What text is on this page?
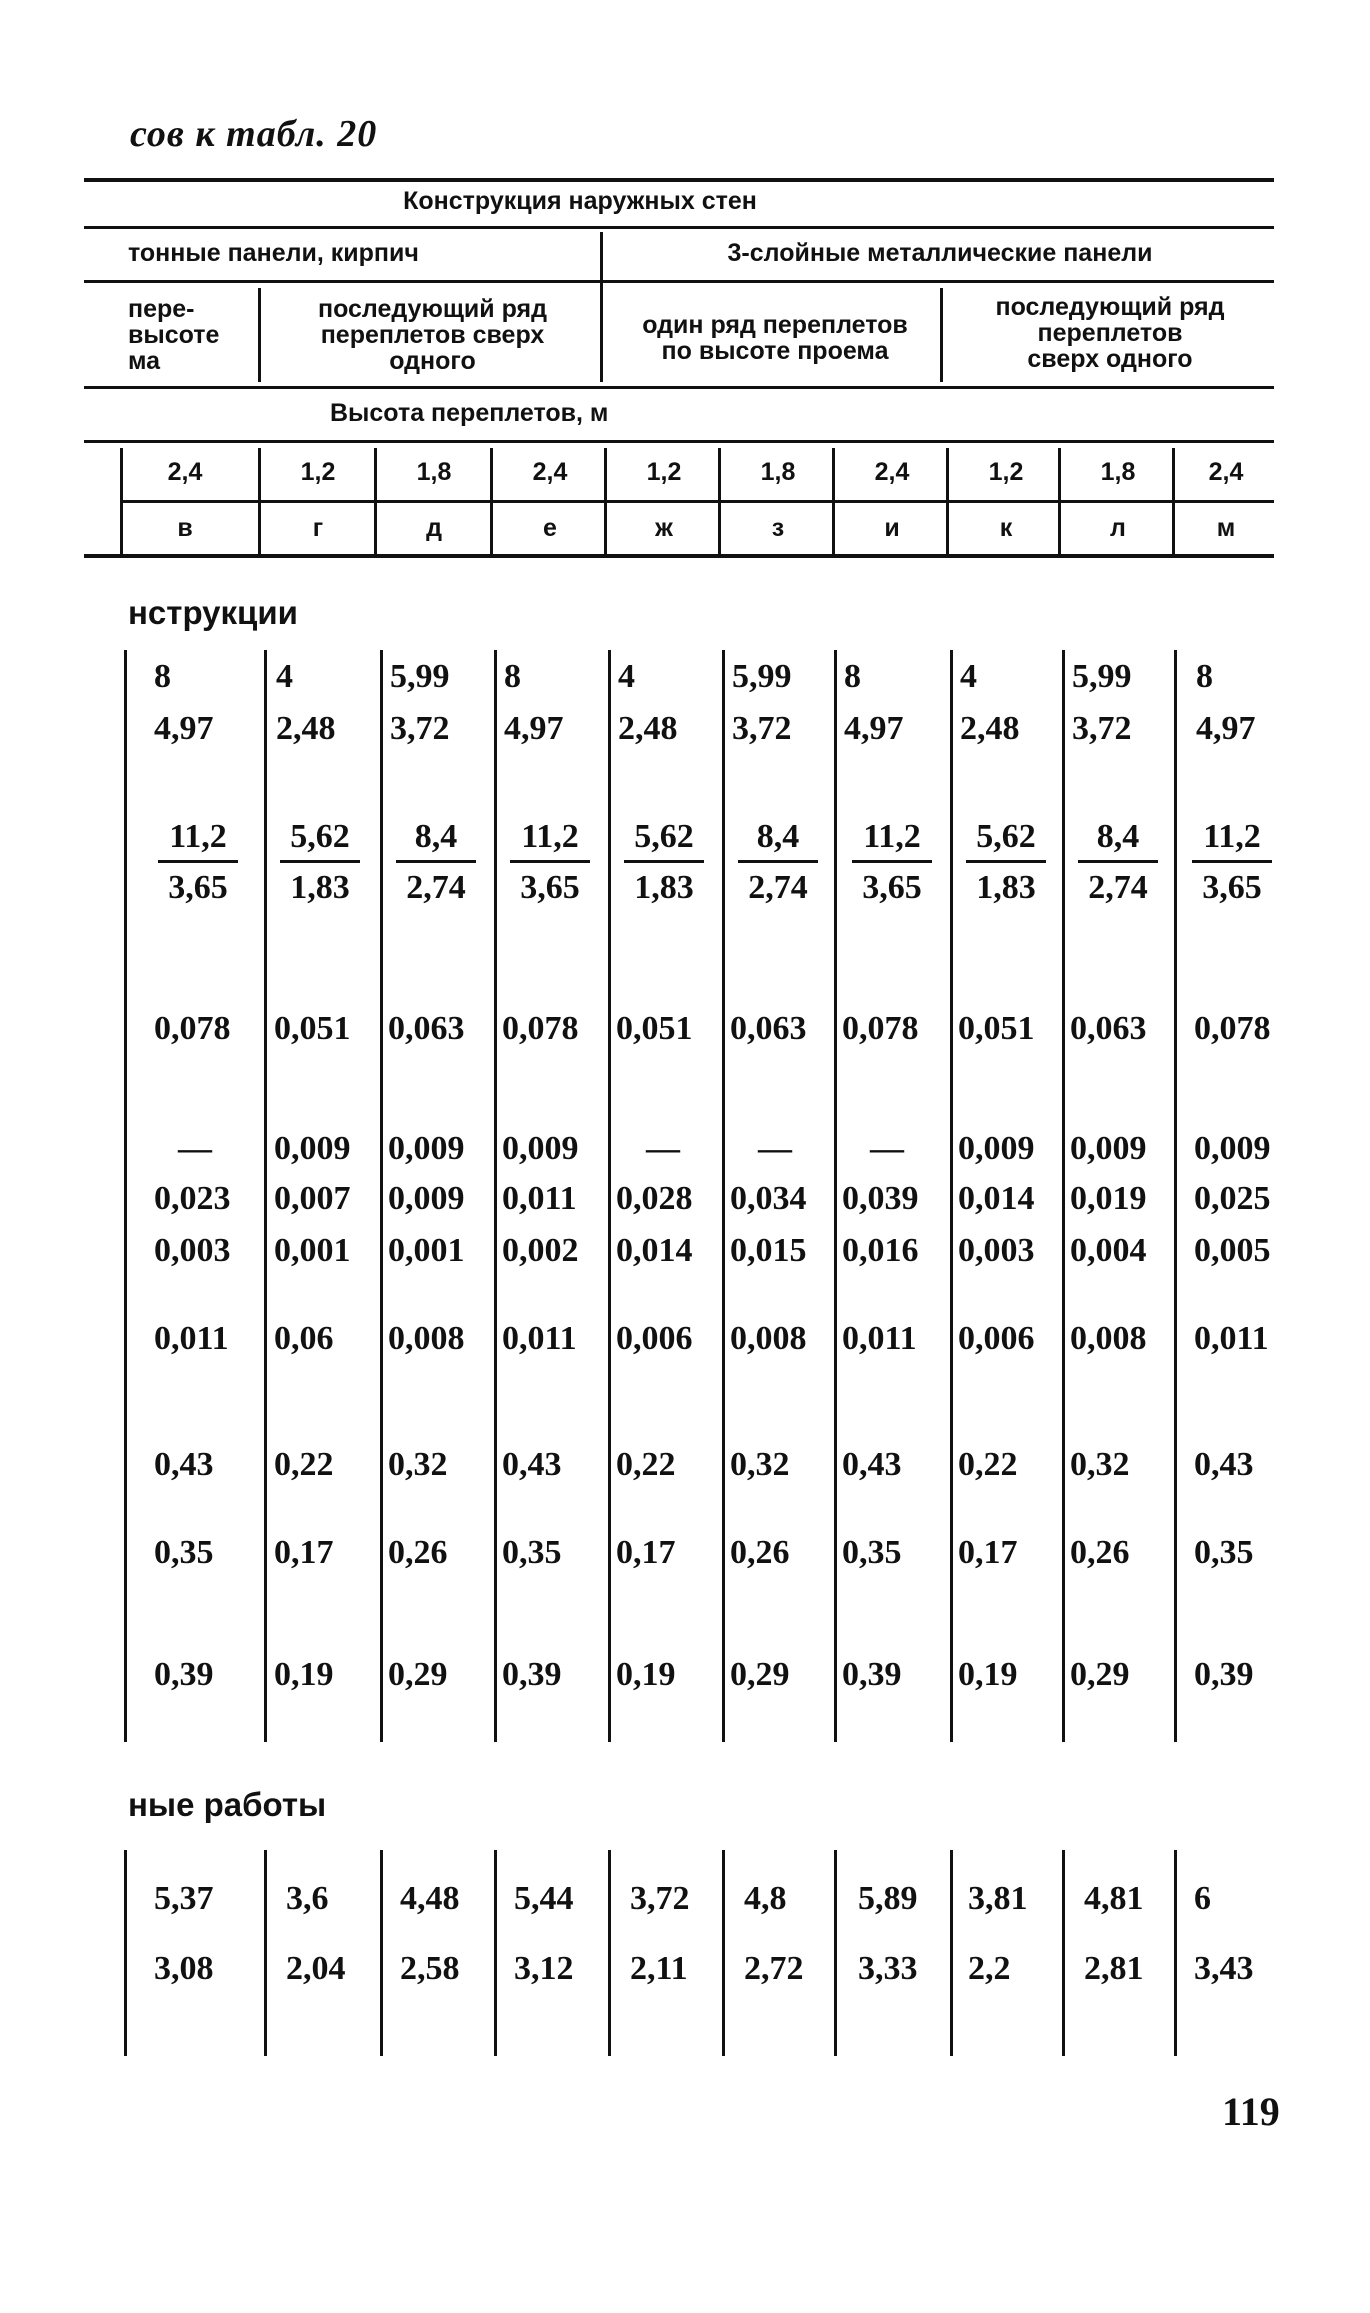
сов к табл. 20
Конструкция наружных стен
тонные панели, кирпич	3-слойные металлические панели
пере-
высоте
ма
последующий ряд
переплетов сверх
одного
один ряд переплетов
по высоте проема
последующий ряд
переплетов
сверх одного
Высота переплетов, м
2,4	1,2	1,8	2,4	1,2	1,8	2,4	1,2	1,8	2,4
в	г	д	е	ж	з	и	к	л	м
нструкции
8	4	5,99 8	4	5,99 8	4	5,99 8
4,97 2,48 3,72 4,97 2,48 3,72 4,97 2,48 3,72 4,97
$\frac{11,2}{3,65} \frac{5,62}{1,83} \frac{8,4}{2,74} \frac{11,2}{3,65} \frac{5,62}{1,83} \frac{8,4}{2,74} \frac{11,2}{3,65} \frac{5,62}{1,83} \frac{8,4}{2,74} \frac{11,2}{3,65}$
0,078 0,051 0,063 0,078 0,051 0,063 0,078 0,051 0,063 0,078
— 0,009 0,009 0,009 — — — 0,009 0,009 0,009
0,023 0,007 0,009 0,011 0,028 0,034 0,039 0,014 0,019 0,025
0,003 0,001 0,001 0,002 0,014 0,015 0,016 0,003 0,004 0,005
0,011 0,06 0,008 0,011 0,006 0,008 0,011 0,006 0,008 0,011
0,43 0,22 0,32 0,43 0,22 0,32 0,43 0,22 0,32 0,43
0,35 0,17 0,26 0,35 0,17 0,26 0,35 0,17 0,26 0,35
0,39 0,19 0,29 0,39 0,19 0,29 0,39 0,19 0,29 0,39
ные работы
5,37 3,6 4,48 5,44 3,72 4,8 5,89 3,81 4,81 6
3,08 2,04 2,58 3,12 2,11 2,72 3,33 2,2 2,81 3,43
119
